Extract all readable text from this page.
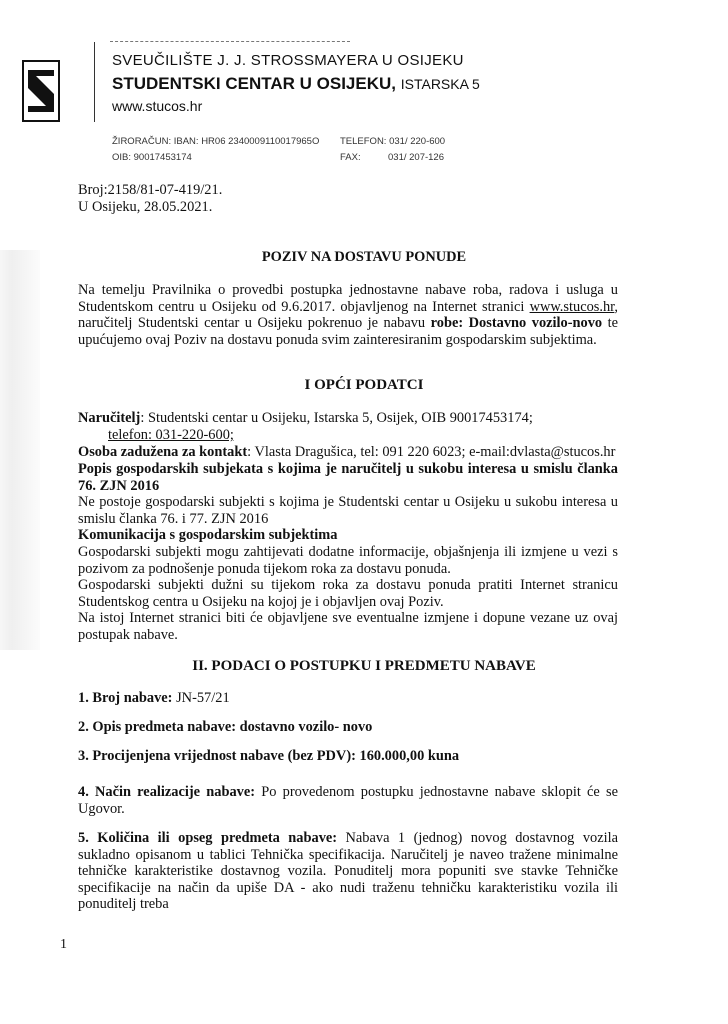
SVEUČILIŠTE J. J. STROSSMAYERA U OSIJEKU
STUDENTSKI CENTAR U OSIJEKU, ISTARSKA 5
www.stucos.hr
ŽIRORAČUN: IBAN: HR06 2340009110017965O
OIB: 90017453174
TELEFON: 031/ 220-600
FAX:	031/ 207-126
Broj:2158/81-07-419/21.
U Osijeku, 28.05.2021.
POZIV NA DOSTAVU PONUDE
Na temelju Pravilnika o provedbi postupka jednostavne nabave roba, radova i usluga u Studentskom centru u Osijeku od 9.6.2017. objavljenog na Internet stranici www.stucos.hr, naručitelj Studentski centar u Osijeku pokrenuo je nabavu robe: Dostavno vozilo-novo te upućujemo ovaj Poziv na dostavu ponuda svim zainteresiranim gospodarskim subjektima.
I OPĆI PODATCI
Naručitelj: Studentski centar u Osijeku, Istarska 5, Osijek, OIB 90017453174;
telefon: 031-220-600;
Osoba zadužena za kontakt: Vlasta Dragušica, tel: 091 220 6023; e-mail:dvlasta@stucos.hr
Popis gospodarskih subjekata s kojima je naručitelj u sukobu interesa u smislu članka 76. ZJN 2016
Ne postoje gospodarski subjekti s kojima je Studentski centar u Osijeku u sukobu interesa u smislu članka 76. i 77. ZJN 2016
Komunikacija s gospodarskim subjektima
Gospodarski subjekti mogu zahtijevati dodatne informacije, objašnjenja ili izmjene u vezi s pozivom za podnošenje ponuda tijekom roka za dostavu ponuda.
Gospodarski subjekti dužni su tijekom roka za dostavu ponuda pratiti Internet stranicu Studentskog centra u Osijeku na kojoj je i objavljen ovaj Poziv.
Na istoj Internet stranici biti će objavljene sve eventualne izmjene i dopune vezane uz ovaj postupak nabave.
II. PODACI O POSTUPKU I PREDMETU NABAVE
1. Broj nabave: JN-57/21
2. Opis predmeta nabave: dostavno vozilo- novo
3. Procijenjena vrijednost nabave (bez PDV): 160.000,00 kuna
4. Način realizacije nabave: Po provedenom postupku jednostavne nabave sklopit će se Ugovor.
5. Količina ili opseg predmeta nabave: Nabava 1 (jednog) novog dostavnog vozila sukladno opisanom u tablici Tehnička specifikacija. Naručitelj je naveo tražene minimalne tehničke karakteristike dostavnog vozila. Ponuditelj mora popuniti sve stavke Tehničke specifikacije na način da upiše DA - ako nudi traženu tehničku karakteristiku vozila ili ponuditelj treba
1
